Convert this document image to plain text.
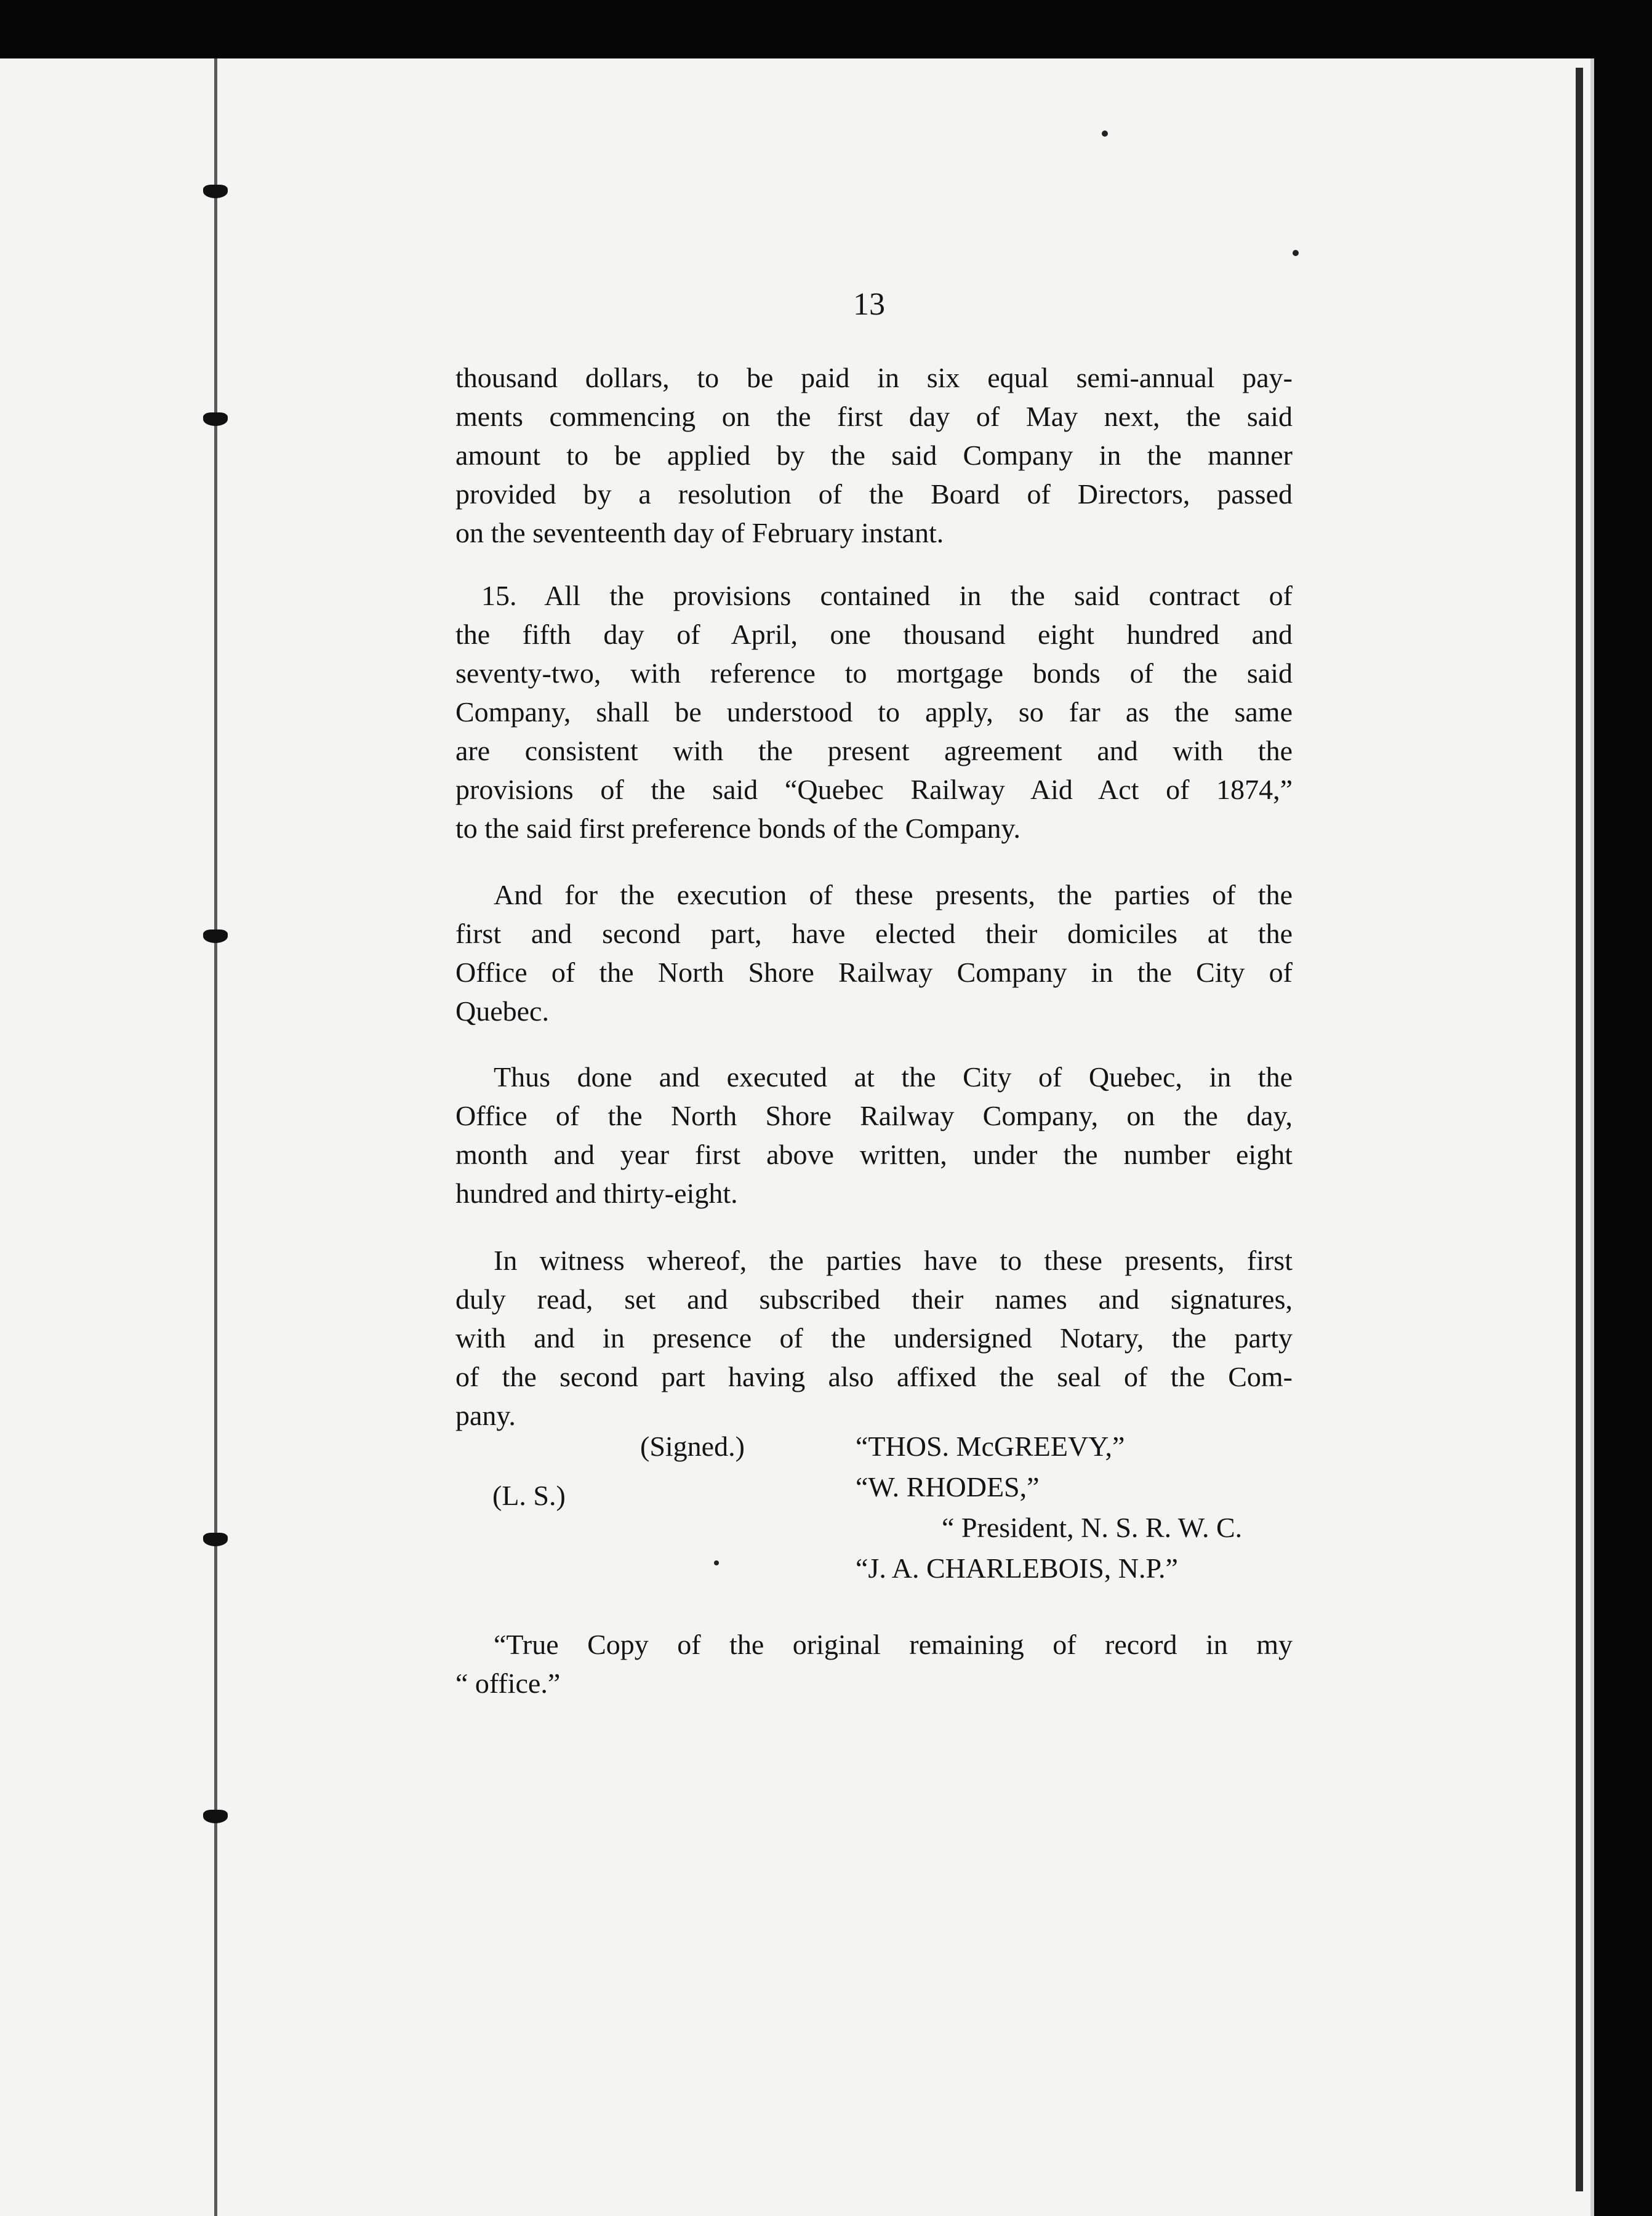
13
thousand dollars, to be paid in six equal semi-annual pay-
ments commencing on the first day of May next, the said
amount to be applied by the said Company in the manner
provided by a resolution of the Board of Directors, passed
on the seventeenth day of February instant.
15. All the provisions contained in the said contract of
the fifth day of April, one thousand eight hundred and
seventy-two, with reference to mortgage bonds of the said
Company, shall be understood to apply, so far as the same
are consistent with the present agreement and with the
provisions of the said “Quebec Railway Aid Act of 1874,”
to the said first preference bonds of the Company.
And for the execution of these presents, the parties of the
first and second part, have elected their domiciles at the
Office of the North Shore Railway Company in the City of
Quebec.
Thus done and executed at the City of Quebec, in the
Office of the North Shore Railway Company, on the day,
month and year first above written, under the number eight
hundred and thirty-eight.
In witness whereof, the parties have to these presents, first
duly read, set and subscribed their names and signatures,
with and in presence of the undersigned Notary, the party
of the second part having also affixed the seal of the Com-
pany.
(Signed.)
(L. S.)
“THOS. McGREEVY,”
“W. RHODES,”
“ President, N. S. R. W. C.
“J. A. CHARLEBOIS, N.P.”
“True Copy of the original remaining of record in my
“ office.”
